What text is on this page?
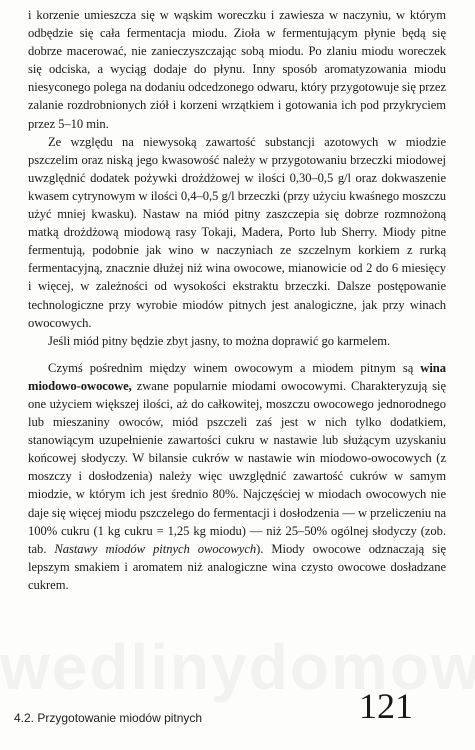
i korzenie umieszcza się w wąskim woreczku i zawiesza w naczyniu, w którym odbędzie się cała fermentacja miodu. Zioła w fermentującym płynie będą się dobrze macerować, nie zanieczyszczając sobą miodu. Po zlaniu miodu woreczek się odciska, a wyciąg dodaje do płynu. Inny sposób aromatyzowania miodu niesyconego polega na dodaniu odcedzonego odwaru, który przygotowuje się przez zalanie rozdrobnionych ziół i korzeni wrzątkiem i gotowania ich pod przykryciem przez 5–10 min.

Ze względu na niewysoką zawartość substancji azotowych w miodzie pszczelim oraz niską jego kwasowość należy w przygotowaniu brzeczki miodowej uwzględnić dodatek pożywki drożdżowej w ilości 0,30–0,5 g/l oraz dokwaszenie kwasem cytrynowym w ilości 0,4–0,5 g/l brzeczki (przy użyciu kwaśnego moszczu użyć mniej kwasku). Nastaw na miód pitny zaszczepia się dobrze rozmnożoną matką drożdżową miodową rasy Tokaji, Madera, Porto lub Sherry. Miody pitne fermentują, podobnie jak wino w naczyniach ze szczelnym korkiem z rurką fermentacyjną, znacznie dłużej niż wina owocowe, mianowicie od 2 do 6 miesięcy i więcej, w zależności od wysokości ekstraktu brzeczki. Dalsze postępowanie technologiczne przy wyrobie miodów pitnych jest analogiczne, jak przy winach owocowych.

Jeśli miód pitny będzie zbyt jasny, to można doprawić go karmelem.

Czymś pośrednim między winem owocowym a miodem pitnym są wina miodowo-owocowe, zwane popularnie miodami owocowymi. Charakteryzują się one użyciem większej ilości, aż do całkowitej, moszczu owocowego jednorodnego lub mieszaniny owoców, miód pszczeli zaś jest w nich tylko dodatkiem, stanowiącym uzupełnienie zawartości cukru w nastawie lub służącym uzyskaniu końcowej słodyczy. W bilansie cukrów w nastawie win miodowo-owocowych (z moszczy i dosłodzenia) należy więc uwzględnić zawartość cukrów w samym miodzie, w którym ich jest średnio 80%. Najczęściej w miodach owocowych nie daje się więcej miodu pszczelego do fermentacji i dosłodzenia — w przeliczeniu na 100% cukru (1 kg cukru = 1,25 kg miodu) — niż 25–50% ogólnej słodyczy (zob. tab. Nastawy miodów pitnych owocowych). Miody owocowe odznaczają się lepszym smakiem i aromatem niż analogiczne wina czysto owocowe dosładzane cukrem.

4.2. Przygotowanie miodów pitnych	121
